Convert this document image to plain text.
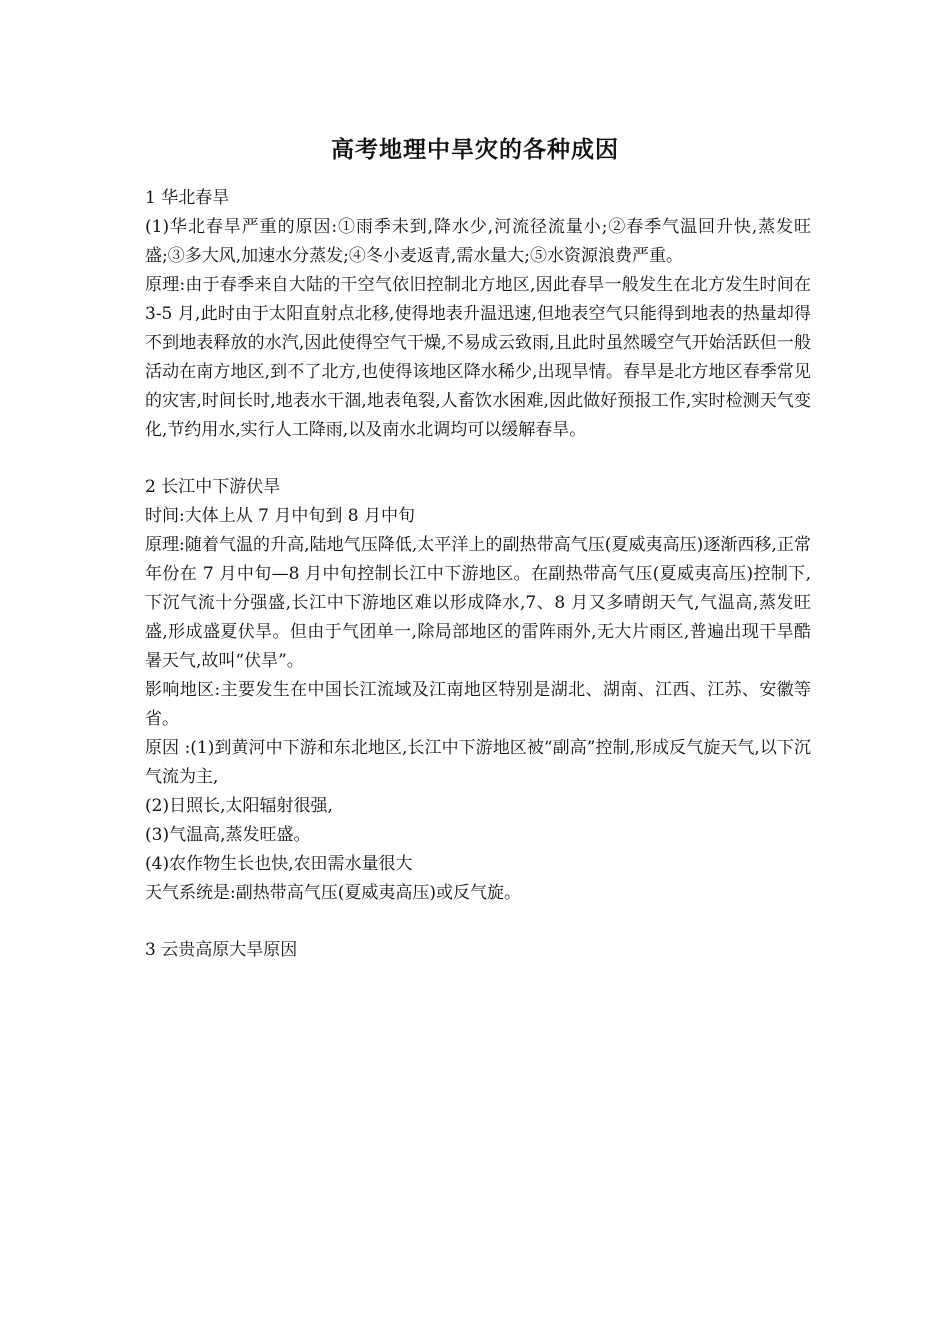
高考地理中旱灾的各种成因

1 华北春旱

(1)华北春旱严重的原因:①雨季未到,降水少,河流径流量小;②春季气温回升快,蒸发旺盛;③多大风,加速水分蒸发;④冬小麦返青,需水量大;⑤水资源浪费严重。

原理:由于春季来自大陆的干空气依旧控制北方地区,因此春旱一般发生在北方发生时间在 3-5 月,此时由于太阳直射点北移,使得地表升温迅速,但地表空气只能得到地表的热量却得不到地表释放的水汽,因此使得空气干燥,不易成云致雨,且此时虽然暖空气开始活跃但一般活动在南方地区,到不了北方,也使得该地区降水稀少,出现旱情。春旱是北方地区春季常见的灾害,时间长时,地表水干涸,地表龟裂,人畜饮水困难,因此做好预报工作,实时检测天气变化,节约用水,实行人工降雨,以及南水北调均可以缓解春旱。

2 长江中下游伏旱

时间:大体上从 7 月中旬到 8 月中旬

原理:随着气温的升高,陆地气压降低,太平洋上的副热带高气压(夏威夷高压)逐渐西移,正常年份在 7 月中旬—8 月中旬控制长江中下游地区。在副热带高气压(夏威夷高压)控制下,下沉气流十分强盛,长江中下游地区难以形成降水,7、8 月又多晴朗天气,气温高,蒸发旺盛,形成盛夏伏旱。但由于气团单一,除局部地区的雷阵雨外,无大片雨区,普遍出现干旱酷暑天气,故叫“伏旱”。

影响地区:主要发生在中国长江流域及江南地区特别是湖北、湖南、江西、江苏、安徽等省。

原因 :(1)到黄河中下游和东北地区,长江中下游地区被“副高”控制,形成反气旋天气,以下沉气流为主,

(2)日照长,太阳辐射很强,

(3)气温高,蒸发旺盛。

(4)农作物生长也快,农田需水量很大

天气系统是:副热带高气压(夏威夷高压)或反气旋。

3 云贵高原大旱原因
